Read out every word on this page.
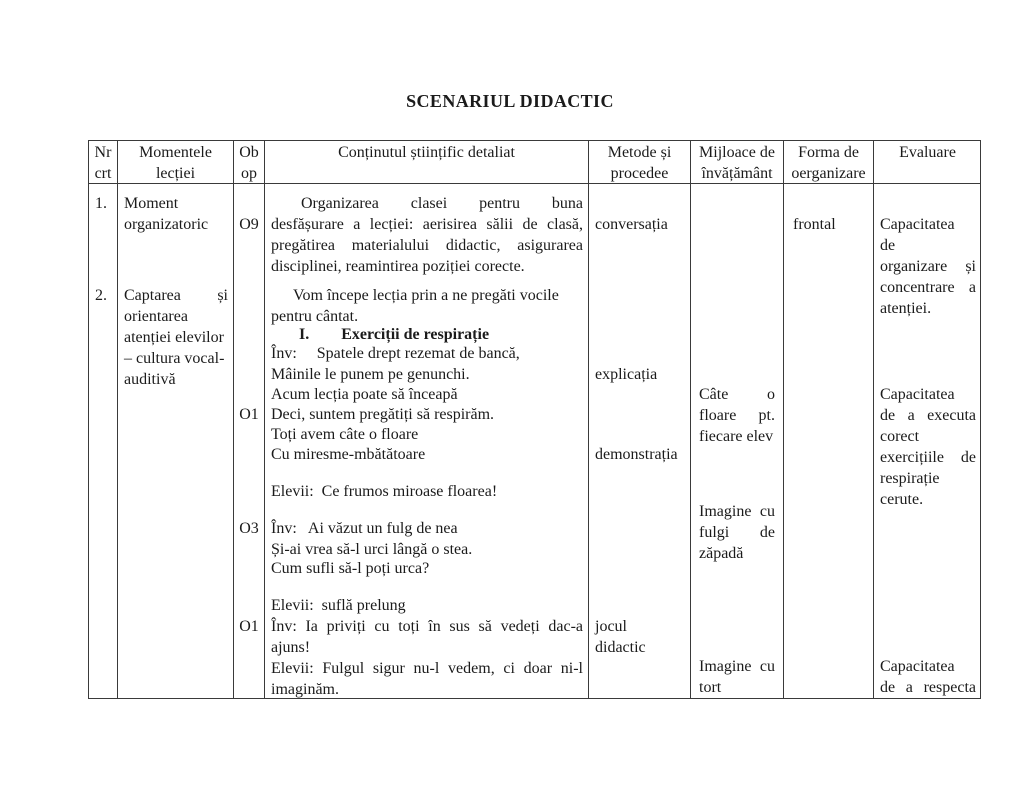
SCENARIUL DIDACTIC
Nr
crt
Momentele
lecției
Ob
op
Conținutul științific detaliat	Metode și
procedee
Mijloace de
învățământ
Forma de
oerganizare
Evaluare
1.
2.
Moment
organizatoric
Captarea și
orientarea
atenției elevilor
– cultura vocal-
auditivă
O9
O1
O3
O1
Organizarea clasei pentru buna
desfășurare a lecției: aerisirea sălii de clasă,
pregătirea materialului didactic, asigurarea
disciplinei, reamintirea poziției corecte.
Vom începe lecția prin a ne pregăti vocile
pentru cântat.
I.        Exerciții de respirație
Înv:     Spatele drept rezemat de bancă,
Mâinile le punem pe genunchi.
Acum lecția poate să înceapă
Deci, suntem pregătiți să respirăm.
Toți avem câte o floare
Cu miresme-mbătătoare
Elevii:  Ce frumos miroase floarea!
Înv:   Ai văzut un fulg de nea
Și-ai vrea să-l urci lângă o stea.
Cum sufli să-l poți urca?
Elevii:  suflă prelung
Înv: Ia priviți cu toți în sus să vedeți dac-a
ajuns!
Elevii: Fulgul sigur nu-l vedem, ci doar ni-l
imaginăm.
conversația
explicația
demonstrația
jocul didactic
Câte o
floare pt.
fiecare elev
Imagine cu
fulgi de
zăpadă
Imagine cu
tort
frontal	Capacitatea
de
organizare și
concentrare a
atenției.
Capacitatea
de a executa
corect
exercițiile de
respirație
cerute.
Capacitatea
de a respecta
